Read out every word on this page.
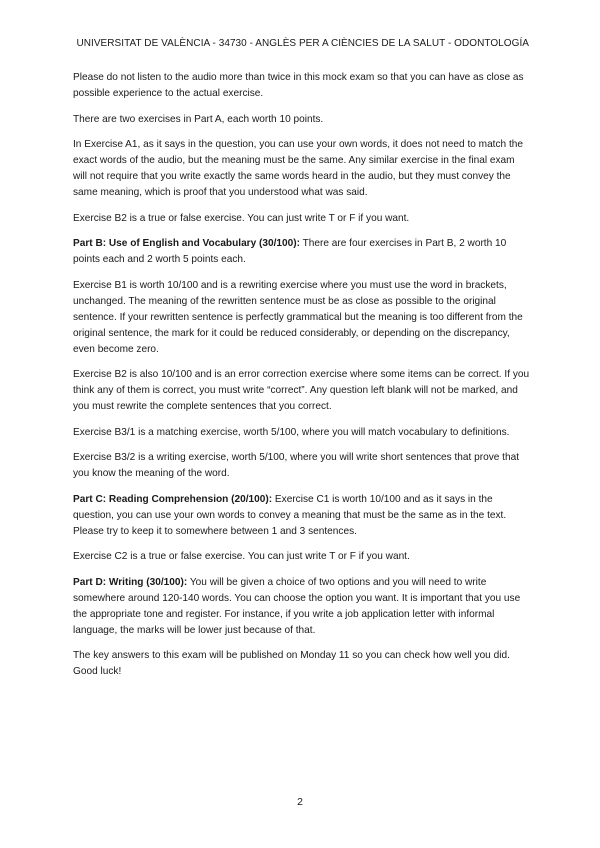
UNIVERSITAT DE VALÈNCIA - 34730 - ANGLÈS PER A CIÈNCIES DE LA SALUT - ODONTOLOGÍA

Please do not listen to the audio more than twice in this mock exam so that you can have as close as possible experience to the actual exercise.

There are two exercises in Part A, each worth 10 points.

In Exercise A1, as it says in the question, you can use your own words, it does not need to match the exact words of the audio, but the meaning must be the same. Any similar exercise in the final exam will not require that you write exactly the same words heard in the audio, but they must convey the same meaning, which is proof that you understood what was said.

Exercise B2 is a true or false exercise. You can just write T or F if you want.

Part B: Use of English and Vocabulary (30/100): There are four exercises in Part B, 2 worth 10 points each and 2 worth 5 points each.

Exercise B1 is worth 10/100 and is a rewriting exercise where you must use the word in brackets, unchanged. The meaning of the rewritten sentence must be as close as possible to the original sentence. If your rewritten sentence is perfectly grammatical but the meaning is too different from the original sentence, the mark for it could be reduced considerably, or depending on the discrepancy, even become zero.

Exercise B2 is also 10/100 and is an error correction exercise where some items can be correct. If you think any of them is correct, you must write “correct”. Any question left blank will not be marked, and you must rewrite the complete sentences that you correct.

Exercise B3/1 is a matching exercise, worth 5/100, where you will match vocabulary to definitions.

Exercise B3/2 is a writing exercise, worth 5/100, where you will write short sentences that prove that you know the meaning of the word.

Part C: Reading Comprehension (20/100): Exercise C1 is worth 10/100 and as it says in the question, you can use your own words to convey a meaning that must be the same as in the text. Please try to keep it to somewhere between 1 and 3 sentences.

Exercise C2 is a true or false exercise. You can just write T or F if you want.

Part D: Writing (30/100): You will be given a choice of two options and you will need to write somewhere around 120-140 words. You can choose the option you want. It is important that you use the appropriate tone and register. For instance, if you write a job application letter with informal language, the marks will be lower just because of that.

The key answers to this exam will be published on Monday 11 so you can check how well you did. Good luck!

2
